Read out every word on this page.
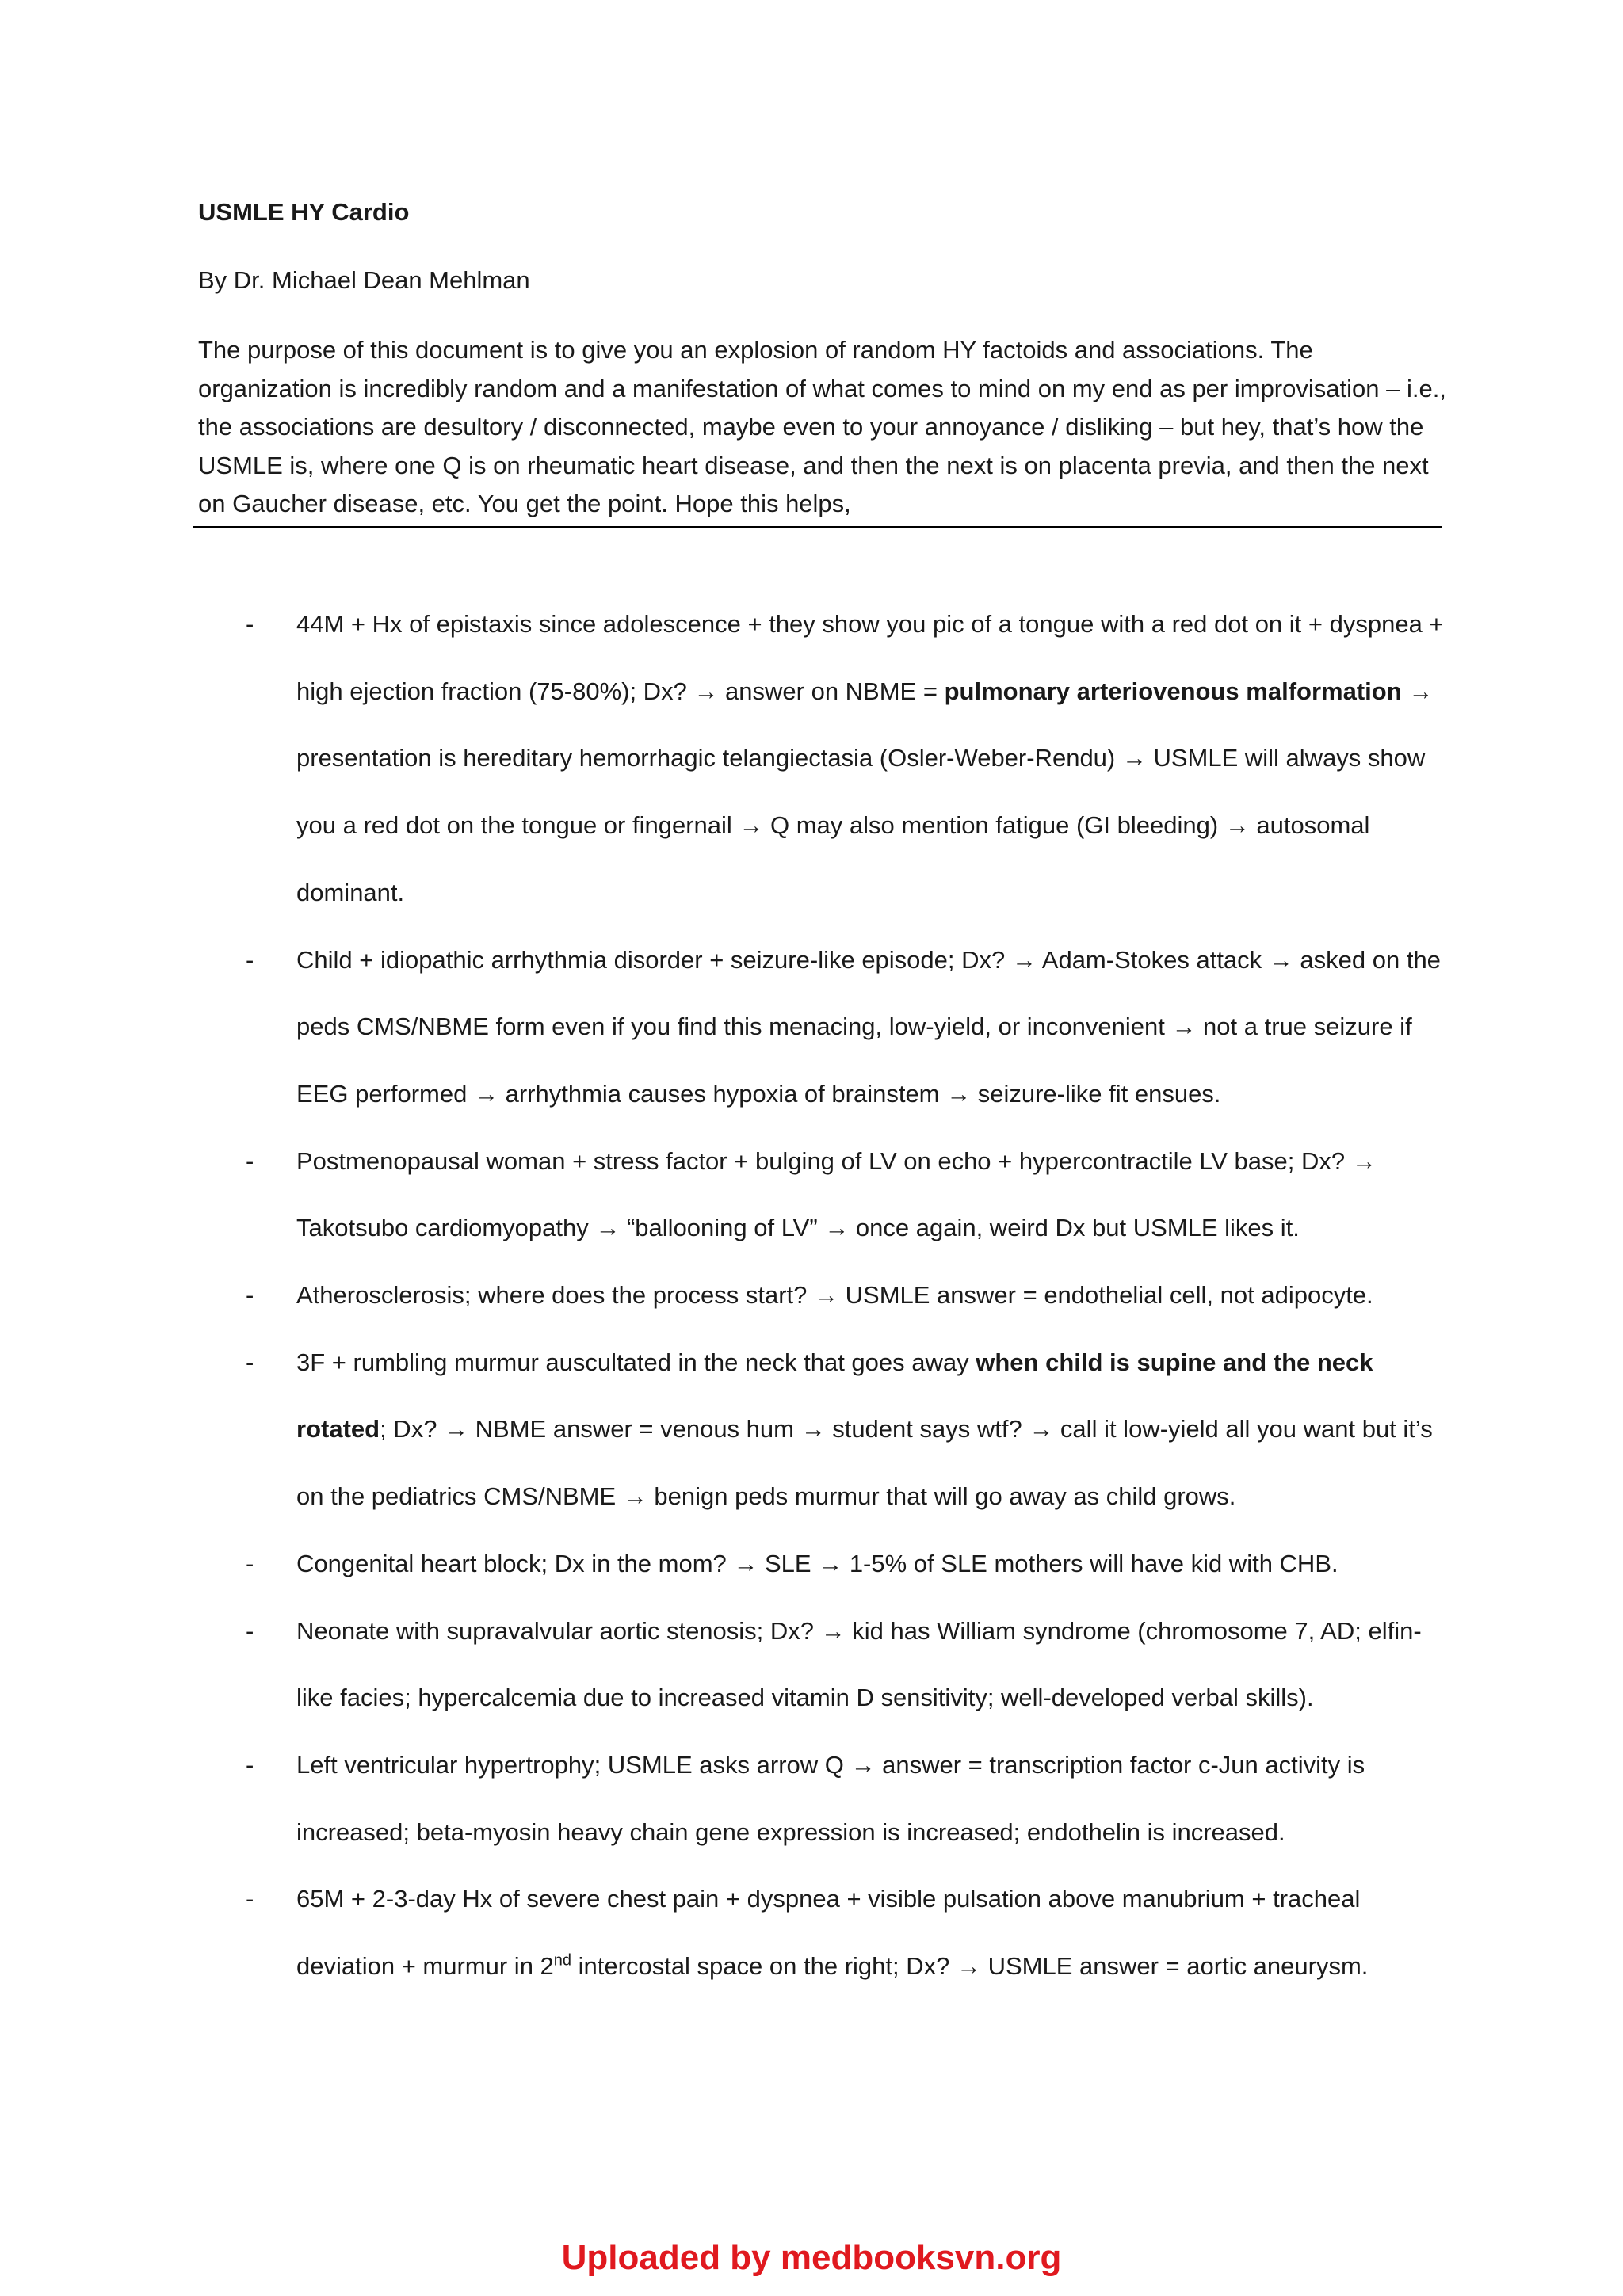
USMLE HY Cardio
By Dr. Michael Dean Mehlman

The purpose of this document is to give you an explosion of random HY factoids and associations. The organization is incredibly random and a manifestation of what comes to mind on my end as per improvisation – i.e., the associations are desultory / disconnected, maybe even to your annoyance / disliking – but hey, that’s how the USMLE is, where one Q is on rheumatic heart disease, and then the next is on placenta previa, and then the next on Gaucher disease, etc. You get the point. Hope this helps,

- 44M + Hx of epistaxis since adolescence + they show you pic of a tongue with a red dot on it + dyspnea + high ejection fraction (75-80%); Dx? → answer on NBME = pulmonary arteriovenous malformation → presentation is hereditary hemorrhagic telangiectasia (Osler-Weber-Rendu) → USMLE will always show you a red dot on the tongue or fingernail → Q may also mention fatigue (GI bleeding) → autosomal dominant.
- Child + idiopathic arrhythmia disorder + seizure-like episode; Dx? → Adam-Stokes attack → asked on the peds CMS/NBME form even if you find this menacing, low-yield, or inconvenient → not a true seizure if EEG performed → arrhythmia causes hypoxia of brainstem → seizure-like fit ensues.
- Postmenopausal woman + stress factor + bulging of LV on echo + hypercontractile LV base; Dx? → Takotsubo cardiomyopathy → “ballooning of LV” → once again, weird Dx but USMLE likes it.
- Atherosclerosis; where does the process start? → USMLE answer = endothelial cell, not adipocyte.
- 3F + rumbling murmur auscultated in the neck that goes away when child is supine and the neck rotated; Dx? → NBME answer = venous hum → student says wtf? → call it low-yield all you want but it’s on the pediatrics CMS/NBME → benign peds murmur that will go away as child grows.
- Congenital heart block; Dx in the mom? → SLE → 1-5% of SLE mothers will have kid with CHB.
- Neonate with supravalvular aortic stenosis; Dx? → kid has William syndrome (chromosome 7, AD; elfin-like facies; hypercalcemia due to increased vitamin D sensitivity; well-developed verbal skills).
- Left ventricular hypertrophy; USMLE asks arrow Q → answer = transcription factor c-Jun activity is increased; beta-myosin heavy chain gene expression is increased; endothelin is increased.
- 65M + 2-3-day Hx of severe chest pain + dyspnea + visible pulsation above manubrium + tracheal deviation + murmur in 2nd intercostal space on the right; Dx? → USMLE answer = aortic aneurysm.
Uploaded by medbooksvn.org
